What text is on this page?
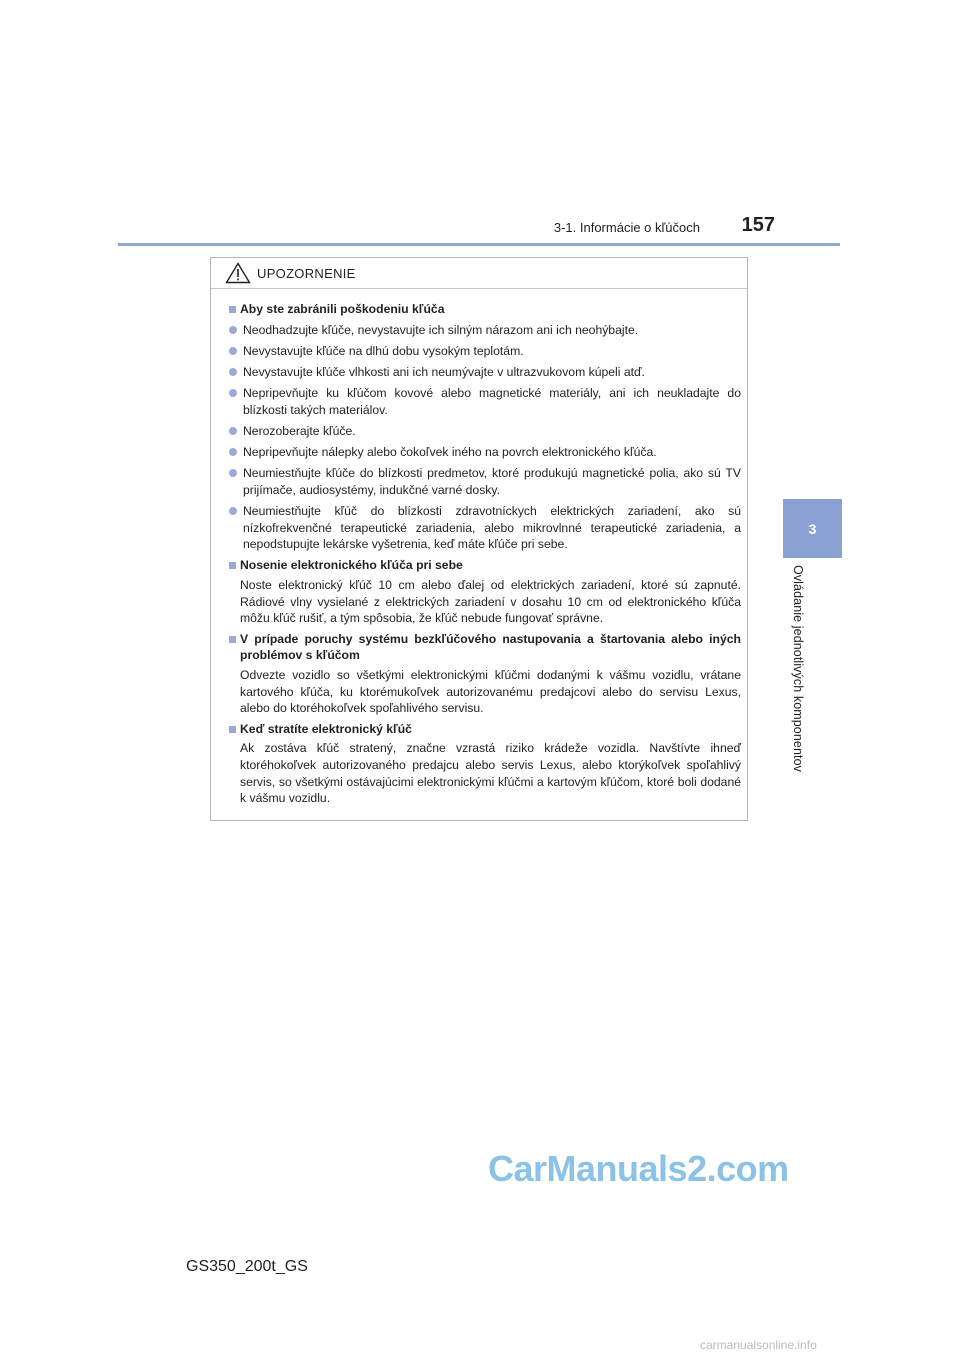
3-1. Informácie o kľúčoch	157
3
Ovládanie jednotlivých komponentov
UPOZORNENIE
Aby ste zabránili poškodeniu kľúča
Neodhadzujte kľúče, nevystavujte ich silným nárazom ani ich neohýbajte.
Nevystavujte kľúče na dlhú dobu vysokým teplotám.
Nevystavujte kľúče vlhkosti ani ich neumývajte v ultrazvukovom kúpeli atď.
Nepripevňujte ku kľúčom kovové alebo magnetické materiály, ani ich neukladajte do blízkosti takých materiálov.
Nerozoberajte kľúče.
Nepripevňujte nálepky alebo čokoľvek iného na povrch elektronického kľúča.
Neumiestňujte kľúče do blízkosti predmetov, ktoré produkujú magnetické polia, ako sú TV prijímače, audiosystémy, indukčné varné dosky.
Neumiestňujte kľúč do blízkosti zdravotníckych elektrických zariadení, ako sú nízkofrekvenčné terapeutické zariadenia, alebo mikrovlnné terapeutické zariadenia, a nepodstupujte lekárske vyšetrenia, keď máte kľúče pri sebe.
Nosenie elektronického kľúča pri sebe
Noste elektronický kľúč 10 cm alebo ďalej od elektrických zariadení, ktoré sú zapnuté. Rádiové vlny vysielané z elektrických zariadení v dosahu 10 cm od elektronického kľúča môžu kľúč rušiť, a tým spôsobia, že kľúč nebude fungovať správne.
V prípade poruchy systému bezkľúčového nastupovania a štartovania alebo iných problémov s kľúčom
Odvezte vozidlo so všetkými elektronickými kľúčmi dodanými k vášmu vozidlu, vrátane kartového kľúča, ku ktorémukoľvek autorizovanému predajcovi alebo do servisu Lexus, alebo do ktoréhokoľvek spoľahlivého servisu.
Keď stratíte elektronický kľúč
Ak zostáva kľúč stratený, značne vzrastá riziko krádeže vozidla. Navštívte ihneď ktoréhokoľvek autorizovaného predajcu alebo servis Lexus, alebo ktorýkoľvek spoľahlivý servis, so všetkými ostávajúcimi elektronickými kľúčmi a kartovým kľúčom, ktoré boli dodané k vášmu vozidlu.
CarManuals2.com
GS350_200t_GS
carmanualsonline.info
